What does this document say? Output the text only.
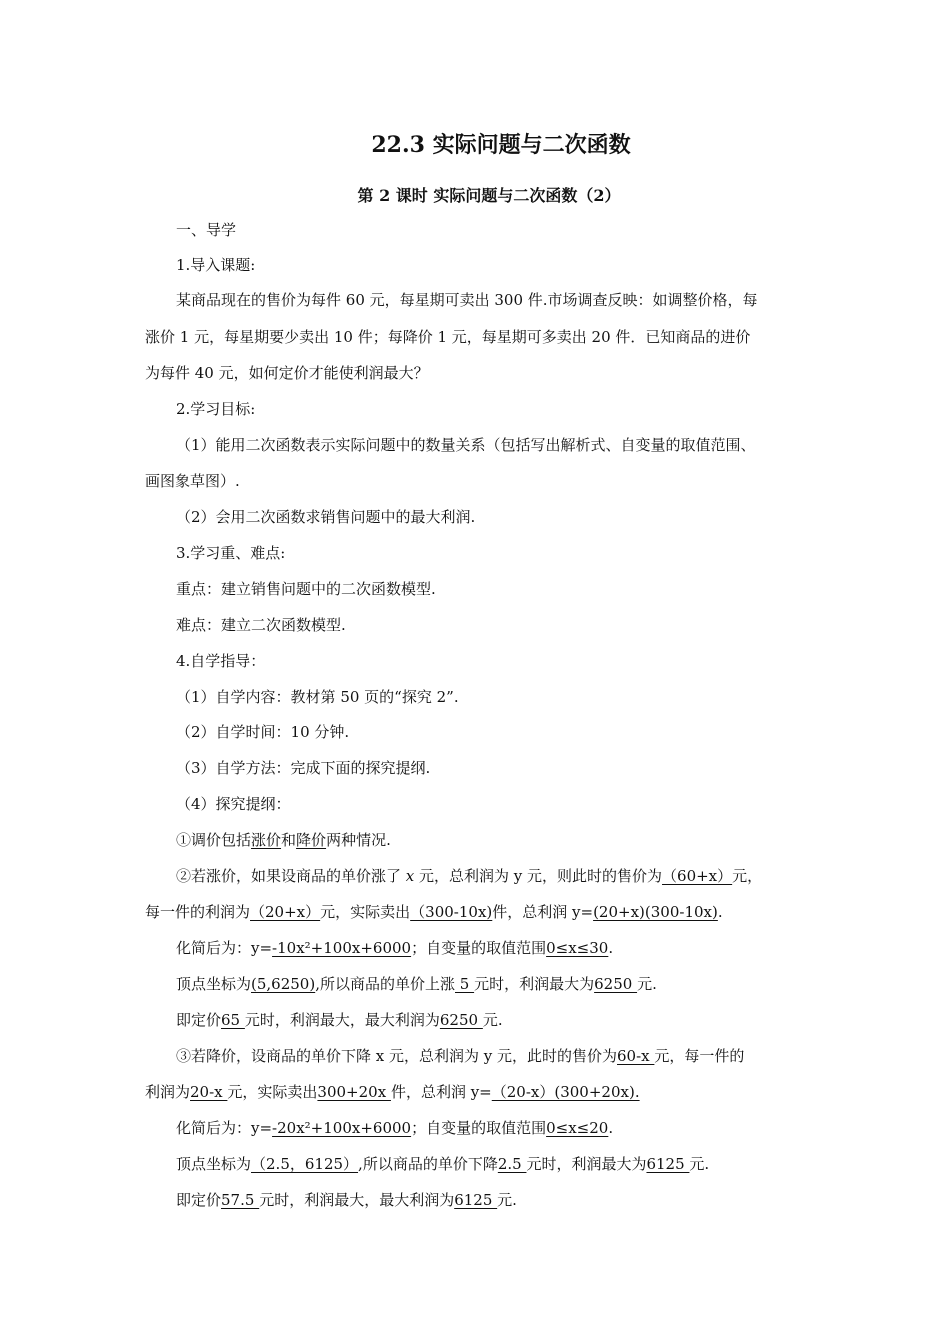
22.3 实际问题与二次函数
第 2 课时 实际问题与二次函数（2）
一、导学
1.导入课题:
某商品现在的售价为每件 60 元，每星期可卖出 300 件.市场调查反映：如调整价格，每
涨价 1 元，每星期要少卖出 10 件；每降价 1 元，每星期可多卖出 20 件．已知商品的进价
为每件 40 元，如何定价才能使利润最大？
2.学习目标:
（1）能用二次函数表示实际问题中的数量关系（包括写出解析式、自变量的取值范围、
画图象草图）.
（2）会用二次函数求销售问题中的最大利润.
3.学习重、难点:
重点：建立销售问题中的二次函数模型.
难点：建立二次函数模型.
4.自学指导：
（1）自学内容：教材第 50 页的“探究 2”.
（2）自学时间：10 分钟.
（3）自学方法：完成下面的探究提纲.
（4）探究提纲：
①调价包括涨价和降价两种情况.
②若涨价，如果设商品的单价涨了 x 元，总利润为 y 元，则此时的售价为（60+x）元，
每一件的利润为（20+x）元，实际卖出（300-10x)件，总利润 y=(20+x)(300-10x).
化简后为：y=-10x²+100x+6000；自变量的取值范围0≤x≤30.
顶点坐标为(5,6250),所以商品的单价上涨 5 元时，利润最大为6250 元.
即定价65 元时，利润最大，最大利润为6250 元.
③若降价，设商品的单价下降 x 元，总利润为 y 元，此时的售价为60-x 元，每一件的
利润为20-x 元，实际卖出300+20x 件，总利润 y=（20-x）(300+20x).
化简后为：y=-20x²+100x+6000；自变量的取值范围0≤x≤20.
顶点坐标为（2.5，6125）,所以商品的单价下降2.5 元时，利润最大为6125 元.
即定价57.5 元时，利润最大，最大利润为6125 元.
